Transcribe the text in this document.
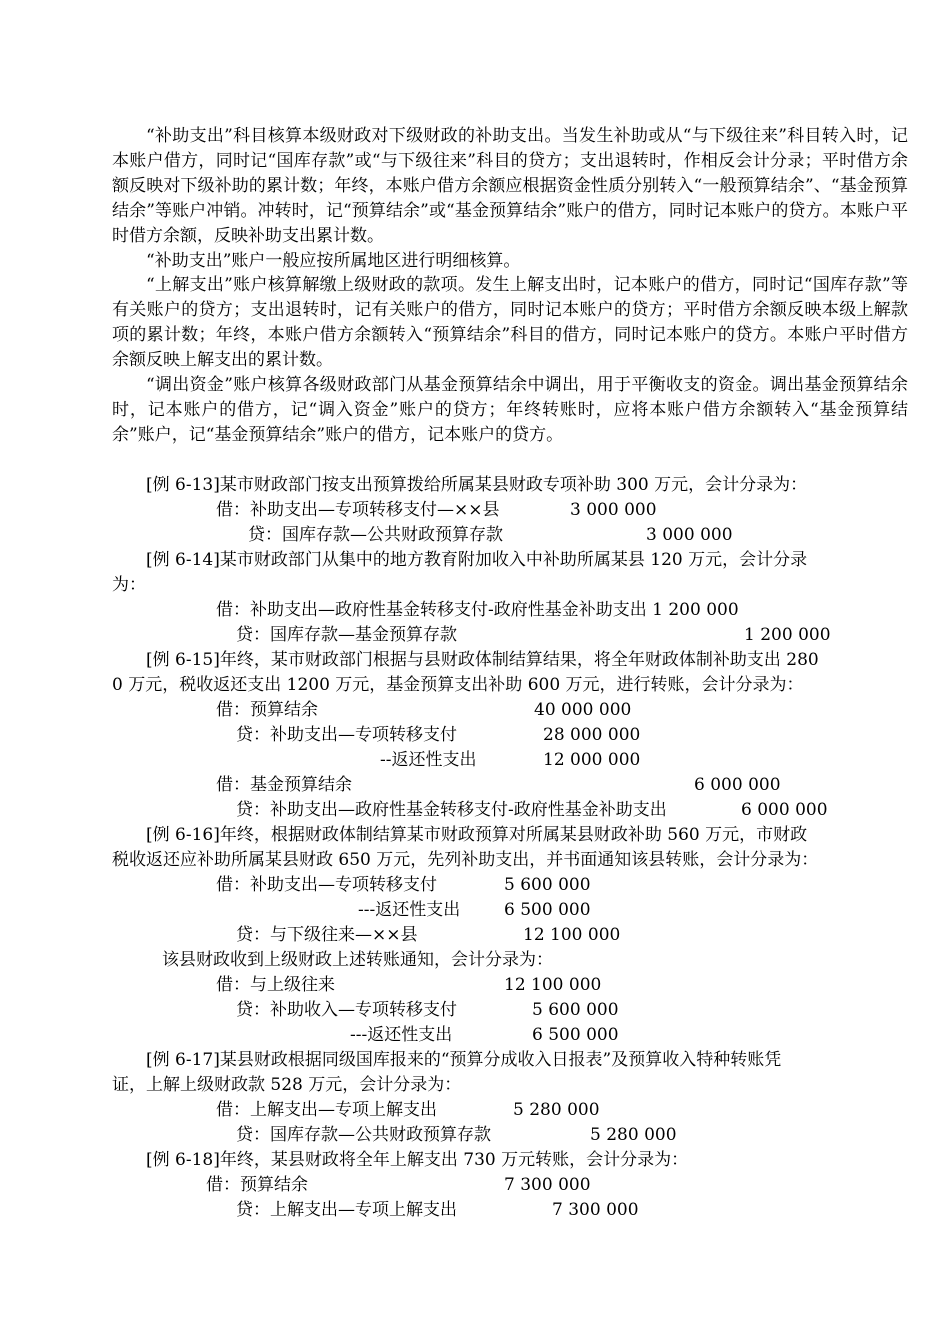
“补助支出”科目核算本级财政对下级财政的补助支出。当发生补助或从“与下级往来”科目转入时，记本账户借方，同时记“国库存款”或“与下级往来”科目的贷方；支出退转时，作相反会计分录；平时借方余额反映对下级补助的累计数；年终，本账户借方余额应根据资金性质分别转入“一般预算结余”、“基金预算结余”等账户冲销。冲转时，记“预算结余”或“基金预算结余”账户的借方，同时记本账户的贷方。本账户平时借方余额，反映补助支出累计数。

“补助支出”账户一般应按所属地区进行明细核算。

“上解支出”账户核算解缴上级财政的款项。发生上解支出时，记本账户的借方，同时记“国库存款”等有关账户的贷方；支出退转时，记有关账户的借方，同时记本账户的贷方；平时借方余额反映本级上解款项的累计数；年终，本账户借方余额转入“预算结余”科目的借方，同时记本账户的贷方。本账户平时借方余额反映上解支出的累计数。

“调出资金”账户核算各级财政部门从基金预算结余中调出，用于平衡收支的资金。调出基金预算结余时，记本账户的借方，记“调入资金”账户的贷方；年终转账时，应将本账户借方余额转入“基金预算结余”账户，记“基金预算结余”账户的借方，记本账户的贷方。

[例 6-13]某市财政部门按支出预算拨给所属某县财政专项补助 300 万元，会计分录为：
借：补助支出—专项转移支付—××县	3 000 000
贷：国库存款—公共财政预算存款	3 000 000
[例 6-14]某市财政部门从集中的地方教育附加收入中补助所属某县 120 万元，会计分录
为：
借：补助支出—政府性基金转移支付-政府性基金补助支出 1 200 000
贷：国库存款—基金预算存款	1 200 000
[例 6-15]年终，某市财政部门根据与县财政体制结算结果，将全年财政体制补助支出 280
0 万元，税收返还支出 1200 万元，基金预算支出补助 600 万元，进行转账，会计分录为：
借：预算结余	40 000 000
贷：补助支出—专项转移支付	28 000 000
--返还性支出	12 000 000
借：基金预算结余	6 000 000
贷：补助支出—政府性基金转移支付-政府性基金补助支出	6 000 000
[例 6-16]年终，根据财政体制结算某市财政预算对所属某县财政补助 560 万元，市财政
税收返还应补助所属某县财政 650 万元，先列补助支出，并书面通知该县转账，会计分录为：
借：补助支出—专项转移支付	5 600 000
---返还性支出	6 500 000
贷：与下级往来—××县	12 100 000
该县财政收到上级财政上述转账通知，会计分录为：
借：与上级往来	12 100 000
贷：补助收入—专项转移支付	5 600 000
---返还性支出	6 500 000
[例 6-17]某县财政根据同级国库报来的“预算分成收入日报表”及预算收入特种转账凭
证，上解上级财政款 528 万元，会计分录为：
借：上解支出—专项上解支出	5 280 000
贷：国库存款—公共财政预算存款	5 280 000
[例 6-18]年终，某县财政将全年上解支出 730 万元转账，会计分录为：
借：预算结余	7 300 000
贷：上解支出—专项上解支出	7 300 000
